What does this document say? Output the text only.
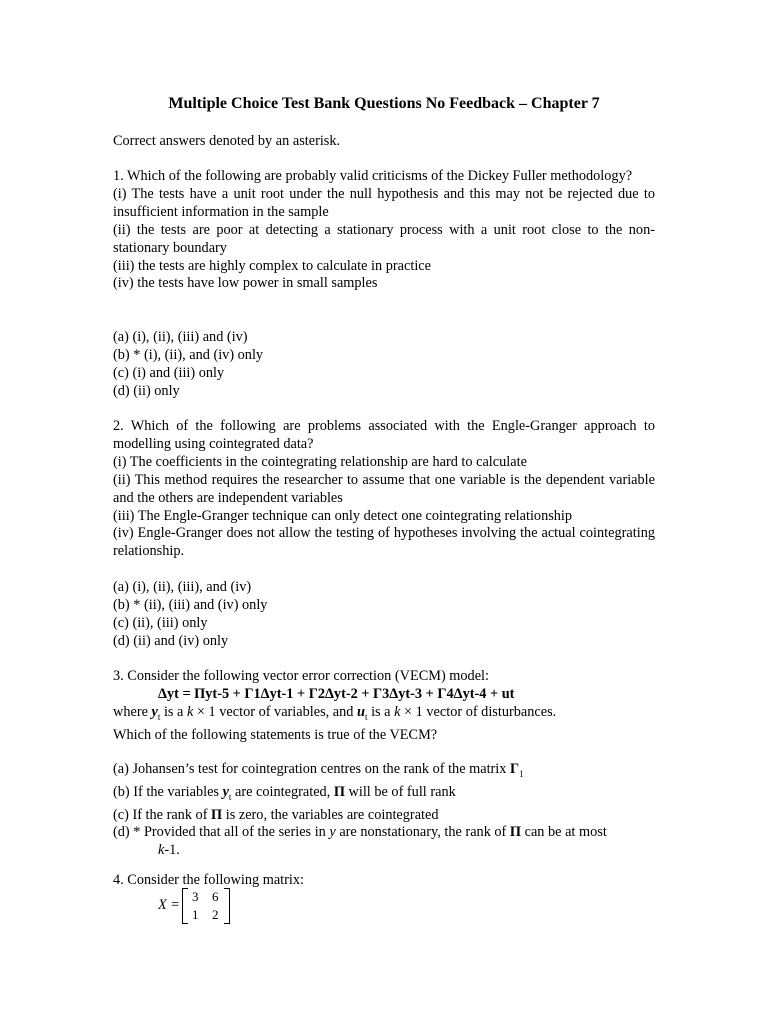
Multiple Choice Test Bank Questions No Feedback – Chapter 7

Correct answers denoted by an asterisk.

1. Which of the following are probably valid criticisms of the Dickey Fuller methodology?

(i) The tests have a unit root under the null hypothesis and this may not be rejected due to insufficient information in the sample

(ii) the tests are poor at detecting a stationary process with a unit root close to the non-stationary boundary

(iii) the tests are highly complex to calculate in practice

(iv) the tests have low power in small samples

(a) (i), (ii), (iii) and (iv)

(b) * (i), (ii), and (iv) only

(c) (i) and (iii) only

(d) (ii) only

2. Which of the following are problems associated with the Engle-Granger approach to modelling using cointegrated data?

(i) The coefficients in the cointegrating relationship are hard to calculate

(ii) This method requires the researcher to assume that one variable is the dependent variable and the others are independent variables

(iii) The Engle-Granger technique can only detect one cointegrating relationship

(iv) Engle-Granger does not allow the testing of hypotheses involving the actual cointegrating relationship.

(a) (i), (ii), (iii), and (iv)

(b) * (ii), (iii) and (iv) only

(c) (ii), (iii) only

(d) (ii) and (iv) only

3. Consider the following vector error correction (VECM) model:

Δyt = Πyt-5 + Γ1Δyt-1 + Γ2Δyt-2 + Γ3Δyt-3 + Γ4Δyt-4 + ut

where $y_t$ is a k × 1 vector of variables, and $u_t$ is a k × 1 vector of disturbances.

Which of the following statements is true of the VECM?

(a) Johansen’s test for cointegration centres on the rank of the matrix $\Gamma_1$

(b) If the variables $y_t$ are cointegrated, Π will be of full rank

(c) If the rank of Π is zero, the variables are cointegrated

(d) * Provided that all of the series in y are nonstationary, the rank of Π can be at most

k-1.

4. Consider the following matrix:

X =
3 6
1 2
